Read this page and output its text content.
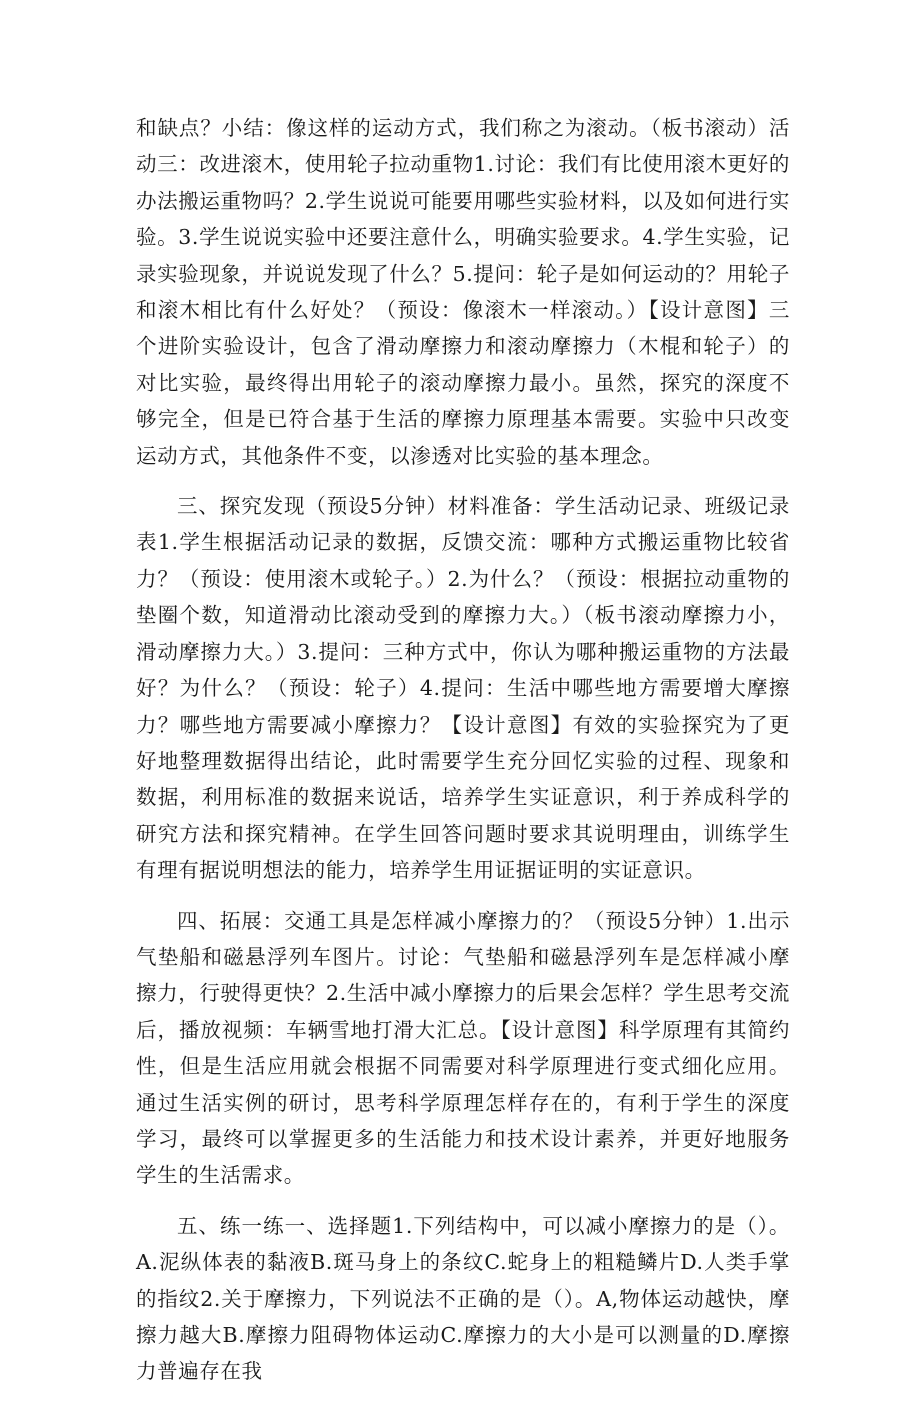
和缺点？小结：像这样的运动方式，我们称之为滚动。（板书滚动）活动三：改进滚木，使用轮子拉动重物1.讨论：我们有比使用滚木更好的办法搬运重物吗？2.学生说说可能要用哪些实验材料，以及如何进行实验。3.学生说说实验中还要注意什么，明确实验要求。4.学生实验，记录实验现象，并说说发现了什么？5.提问：轮子是如何运动的？用轮子和滚木相比有什么好处？（预设：像滚木一样滚动。）【设计意图】三个进阶实验设计，包含了滑动摩擦力和滚动摩擦力（木棍和轮子）的对比实验，最终得出用轮子的滚动摩擦力最小。虽然，探究的深度不够完全，但是已符合基于生活的摩擦力原理基本需要。实验中只改变运动方式，其他条件不变，以渗透对比实验的基本理念。

三、探究发现（预设5分钟）材料准备：学生活动记录、班级记录表1.学生根据活动记录的数据，反馈交流：哪种方式搬运重物比较省力？（预设：使用滚木或轮子。）2.为什么？（预设：根据拉动重物的垫圈个数，知道滑动比滚动受到的摩擦力大。）（板书滚动摩擦力小，滑动摩擦力大。）3.提问：三种方式中，你认为哪种搬运重物的方法最好？为什么？（预设：轮子）4.提问：生活中哪些地方需要增大摩擦力？哪些地方需要减小摩擦力？【设计意图】有效的实验探究为了更好地整理数据得出结论，此时需要学生充分回忆实验的过程、现象和数据，利用标准的数据来说话，培养学生实证意识，利于养成科学的研究方法和探究精神。在学生回答问题时要求其说明理由，训练学生有理有据说明想法的能力，培养学生用证据证明的实证意识。

四、拓展：交通工具是怎样减小摩擦力的？（预设5分钟）1.出示气垫船和磁悬浮列车图片。讨论：气垫船和磁悬浮列车是怎样减小摩擦力，行驶得更快？2.生活中减小摩擦力的后果会怎样？学生思考交流后，播放视频：车辆雪地打滑大汇总。【设计意图】科学原理有其简约性，但是生活应用就会根据不同需要对科学原理进行变式细化应用。通过生活实例的研讨，思考科学原理怎样存在的，有利于学生的深度学习，最终可以掌握更多的生活能力和技术设计素养，并更好地服务学生的生活需求。

五、练一练一、选择题1.下列结构中，可以减小摩擦力的是（）。A.泥纵体表的黏液B.斑马身上的条纹C.蛇身上的粗糙鳞片D.人类手掌的指纹2.关于摩擦力，下列说法不正确的是（）。A,物体运动越快，摩擦力越大B.摩擦力阻碍物体运动C.摩擦力的大小是可以测量的D.摩擦力普遍存在我
